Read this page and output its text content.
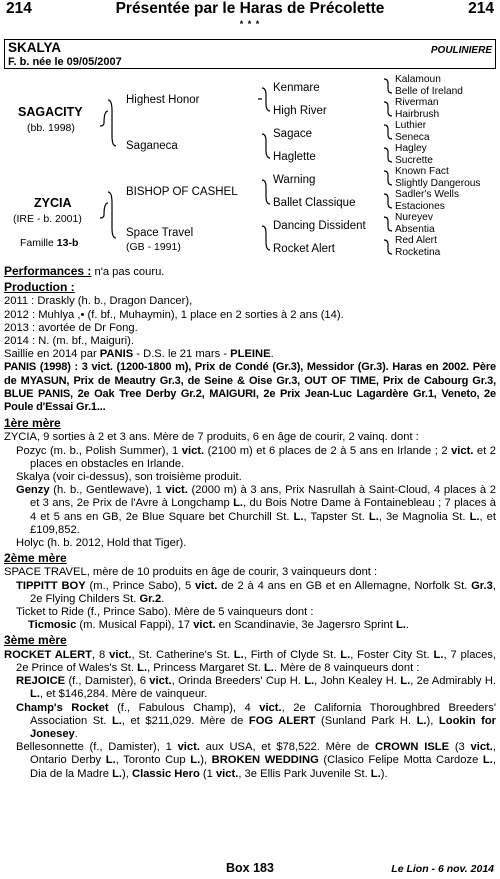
214	Présentée par le Haras de Précolette	214
* * *
SKALYA	POULINIERE
F. b. née le 09/05/2007
SAGACITY
(bb. 1998)
ZYCIA
(IRE - b. 2001)
Famille 13-b
Highest Honor
Saganeca
BISHOP OF CASHEL
Space Travel
(GB - 1991)
Kenmare
High River
Sagace
Haglette
Warning
Ballet Classique
Dancing Dissident
Rocket Alert
Kalamoun
Belle of Ireland
Riverman
Hairbrush
Luthier
Seneca
Hagley
Sucrette
Known Fact
Slightly Dangerous
Sadler's Wells
Estaciones
Nureyev
Absentia
Red Alert
Rocketina

Performances : n'a pas couru.

Production :

2011 : Draskly (h. b., Dragon Dancer),

2012 : Muhlya ,• (f. bf., Muhaymin), 1 place en 2 sorties à 2 ans (14).

2013 : avortée de Dr Fong.

2014 : N. (m. bf., Maiguri).

Saillie en 2014 par PANIS - D.S. le 21 mars - PLEINE.

PANIS (1998) : 3 vict. (1200-1800 m), Prix de Condé (Gr.3), Messidor (Gr.3). Haras en 2002. Père de MYASUN, Prix de Meautry Gr.3, de Seine & Oise Gr.3, OUT OF TIME, Prix de Cabourg Gr.3, BLUE PANIS, 2e Oak Tree Derby Gr.2, MAIGURI, 2e Prix Jean-Luc Lagardère Gr.1, Veneto, 2e Poule d'Essai Gr.1...

1ère mère

ZYCIA, 9 sorties à 2 et 3 ans. Mère de 7 produits, 6 en âge de courir, 2 vainq. dont :

Pozyc (m. b., Polish Summer), 1 vict. (2100 m) et 6 places de 2 à 5 ans en Irlande ; 2 vict. et 2 places en obstacles en Irlande.

Skalya (voir ci-dessus), son troisième produit.

Genzy (h. b., Gentlewave), 1 vict. (2000 m) à 3 ans, Prix Nasrullah à Saint-Cloud, 4 places à 2 et 3 ans, 2e Prix de l'Avre à Longchamp L., du Bois Notre Dame à Fontainebleau ; 7 places à 4 et 5 ans en GB, 2e Blue Square bet Churchill St. L., Tapster St. L., 3e Magnolia St. L., et £109,852.

Holyc (h. b. 2012, Hold that Tiger).

2ème mère

SPACE TRAVEL, mère de 10 produits en âge de courir, 3 vainqueurs dont :

TIPPITT BOY (m., Prince Sabo), 5 vict. de 2 à 4 ans en GB et en Allemagne, Norfolk St. Gr.3, 2e Flying Childers St. Gr.2.

Ticket to Ride (f., Prince Sabo). Mère de 5 vainqueurs dont :

Ticmosic (m. Musical Fappi), 17 vict. en Scandinavie, 3e Jagersro Sprint L..

3ème mère

ROCKET ALERT, 8 vict., St. Catherine's St. L., Firth of Clyde St. L., Foster City St. L., 7 places, 2e Prince of Wales's St. L., Princess Margaret St. L.. Mère de 8 vainqueurs dont :

REJOICE (f., Damister), 6 vict., Orinda Breeders' Cup H. L., John Kealey H. L., 2e Admirably H. L., et $146,284. Mère de vainqueur.

Champ's Rocket (f., Fabulous Champ), 4 vict., 2e California Thoroughbred Breeders' Association St. L., et $211,029. Mère de FOG ALERT (Sunland Park H. L.), Lookin for Jonesey.

Bellesonnette (f., Damister), 1 vict. aux USA, et $78,522. Mère de CROWN ISLE (3 vict., Ontario Derby L., Toronto Cup L.), BROKEN WEDDING (Clasico Felipe Motta Cardoze L., Dia de la Madre L.), Classic Hero (1 vict., 3e Ellis Park Juvenile St. L.).

Box 183	Le Lion - 6 nov. 2014
